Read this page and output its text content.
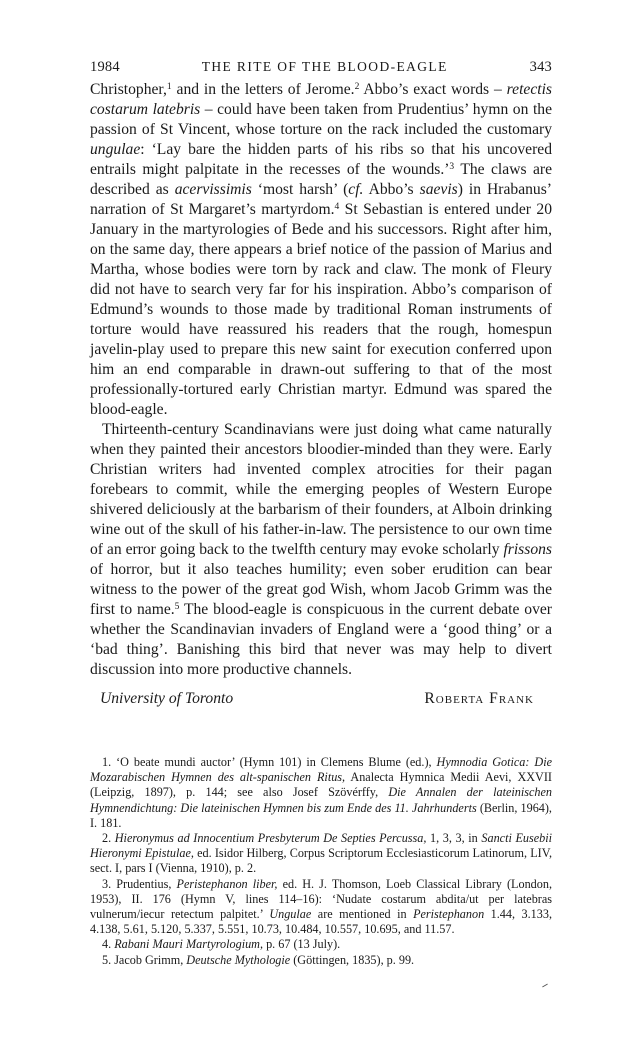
1984	THE RITE OF THE BLOOD-EAGLE	343

Christopher,$^1$ and in the letters of Jerome.$^2$ Abbo’s exact words – retectis costarum latebris – could have been taken from Prudentius’ hymn on the passion of St Vincent, whose torture on the rack included the customary ungulae: ‘Lay bare the hidden parts of his ribs so that his uncovered entrails might palpitate in the recesses of the wounds.’$^3$ The claws are described as acervissimis ‘most harsh’ (cf. Abbo’s saevis) in Hrabanus’ narration of St Margaret’s martyrdom.$^4$ St Sebastian is entered under 20 January in the martyrologies of Bede and his successors. Right after him, on the same day, there appears a brief notice of the passion of Marius and Martha, whose bodies were torn by rack and claw. The monk of Fleury did not have to search very far for his inspiration. Abbo’s comparison of Edmund’s wounds to those made by traditional Roman instruments of torture would have reassured his readers that the rough, homespun javelin-play used to prepare this new saint for execution conferred upon him an end comparable in drawn-out suffering to that of the most professionally-tortured early Christian martyr. Edmund was spared the blood-eagle.

Thirteenth-century Scandinavians were just doing what came naturally when they painted their ancestors bloodier-minded than they were. Early Christian writers had invented complex atrocities for their pagan forebears to commit, while the emerging peoples of Western Europe shivered deliciously at the barbarism of their founders, at Alboin drinking wine out of the skull of his father-in-law. The persistence to our own time of an error going back to the twelfth century may evoke scholarly frissons of horror, but it also teaches humility; even sober erudition can bear witness to the power of the great god Wish, whom Jacob Grimm was the first to name.$^5$ The blood-eagle is conspicuous in the current debate over whether the Scandinavian invaders of England were a ‘good thing’ or a ‘bad thing’. Banishing this bird that never was may help to divert discussion into more productive channels.

University of Toronto	Roberta Frank

1. ‘O beate mundi auctor’ (Hymn 101) in Clemens Blume (ed.), Hymnodia Gotica: Die Mozarabischen Hymnen des alt-spanischen Ritus, Analecta Hymnica Medii Aevi, XXVII (Leipzig, 1897), p. 144; see also Josef Szövérffy, Die Annalen der lateinischen Hymnendichtung: Die lateinischen Hymnen bis zum Ende des 11. Jahrhunderts (Berlin, 1964), I. 181.

2. Hieronymus ad Innocentium Presbyterum De Septies Percussa, 1, 3, 3, in Sancti Eusebii Hieronymi Epistulae, ed. Isidor Hilberg, Corpus Scriptorum Ecclesiasticorum Latinorum, LIV, sect. I, pars I (Vienna, 1910), p. 2.

3. Prudentius, Peristephanon liber, ed. H. J. Thomson, Loeb Classical Library (London, 1953), II. 176 (Hymn V, lines 114–16): ‘Nudate costarum abdita/ut per latebras vulnerum/iecur retectum palpitet.’ Ungulae are mentioned in Peristephanon 1.44, 3.133, 4.138, 5.61, 5.120, 5.337, 5.551, 10.73, 10.484, 10.557, 10.695, and 11.57.

4. Rabani Mauri Martyrologium, p. 67 (13 July).

5. Jacob Grimm, Deutsche Mythologie (Göttingen, 1835), p. 99.
